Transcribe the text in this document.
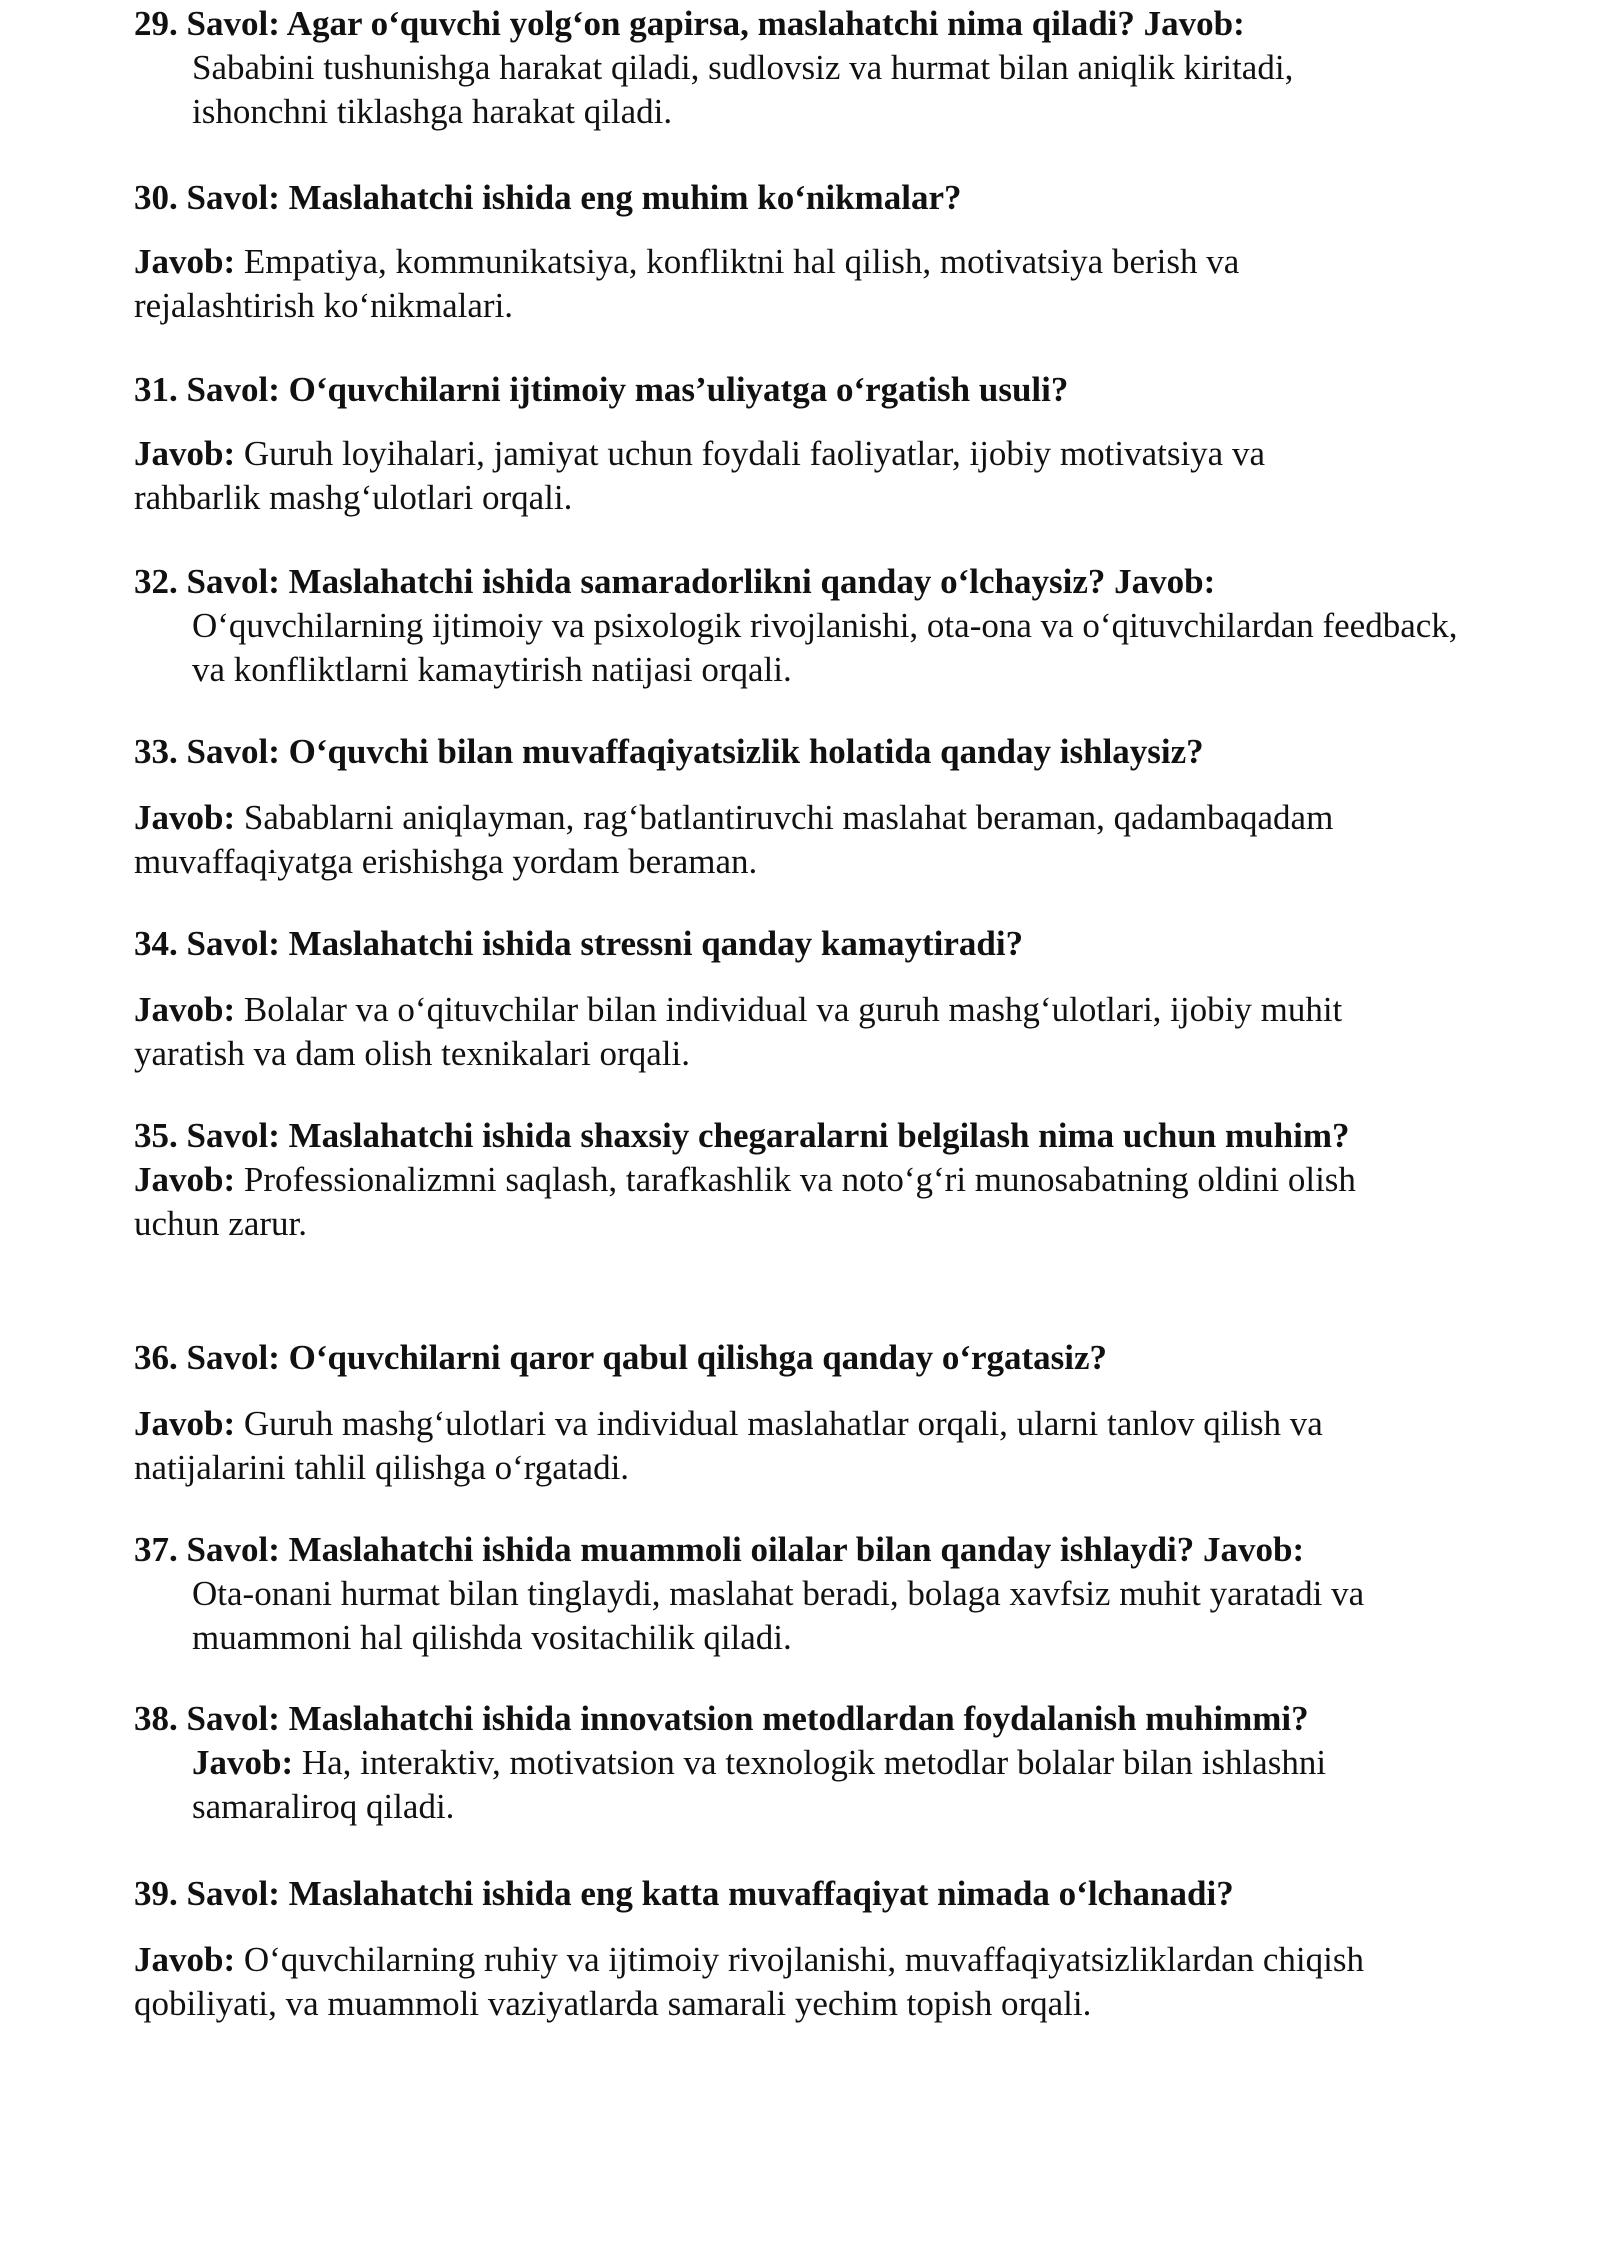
29. Savol: Agar o‘quvchi yolg‘on gapirsa, maslahatchi nima qiladi? Javob:

Sababini tushunishga harakat qiladi, sudlovsiz va hurmat bilan aniqlik kiritadi, ishonchni tiklashga harakat qiladi.

30. Savol: Maslahatchi ishida eng muhim ko‘nikmalar?

Javob: Empatiya, kommunikatsiya, konfliktni hal qilish, motivatsiya berish va rejalashtirish ko‘nikmalari.

31. Savol: O‘quvchilarni ijtimoiy mas’uliyatga o‘rgatish usuli?

Javob: Guruh loyihalari, jamiyat uchun foydali faoliyatlar, ijobiy motivatsiya va rahbarlik mashg‘ulotlari orqali.

32. Savol: Maslahatchi ishida samaradorlikni qanday o‘lchaysiz? Javob:

O‘quvchilarning ijtimoiy va psixologik rivojlanishi, ota-ona va o‘qituvchilardan feedback, va konfliktlarni kamaytirish natijasi orqali.

33. Savol: O‘quvchi bilan muvaffaqiyatsizlik holatida qanday ishlaysiz?

Javob: Sabablarni aniqlayman, rag‘batlantiruvchi maslahat beraman, qadambaqadam muvaffaqiyatga erishishga yordam beraman.

34. Savol: Maslahatchi ishida stressni qanday kamaytiradi?

Javob: Bolalar va o‘qituvchilar bilan individual va guruh mashg‘ulotlari, ijobiy muhit yaratish va dam olish texnikalari orqali.

35. Savol: Maslahatchi ishida shaxsiy chegaralarni belgilash nima uchun muhim?

Javob: Professionalizmni saqlash, tarafkashlik va noto‘g‘ri munosabatning oldini olish uchun zarur.

36. Savol: O‘quvchilarni qaror qabul qilishga qanday o‘rgatasiz?

Javob: Guruh mashg‘ulotlari va individual maslahatlar orqali, ularni tanlov qilish va natijalarini tahlil qilishga o‘rgatadi.

37. Savol: Maslahatchi ishida muammoli oilalar bilan qanday ishlaydi? Javob:

Ota-onani hurmat bilan tinglaydi, maslahat beradi, bolaga xavfsiz muhit yaratadi va muammoni hal qilishda vositachilik qiladi.

38. Savol: Maslahatchi ishida innovatsion metodlardan foydalanish muhimmi?

Javob: Ha, interaktiv, motivatsion va texnologik metodlar bolalar bilan ishlashni samaraliroq qiladi.

39. Savol: Maslahatchi ishida eng katta muvaffaqiyat nimada o‘lchanadi?

Javob: O‘quvchilarning ruhiy va ijtimoiy rivojlanishi, muvaffaqiyatsizliklardan chiqish qobiliyati, va muammoli vaziyatlarda samarali yechim topish orqali.
